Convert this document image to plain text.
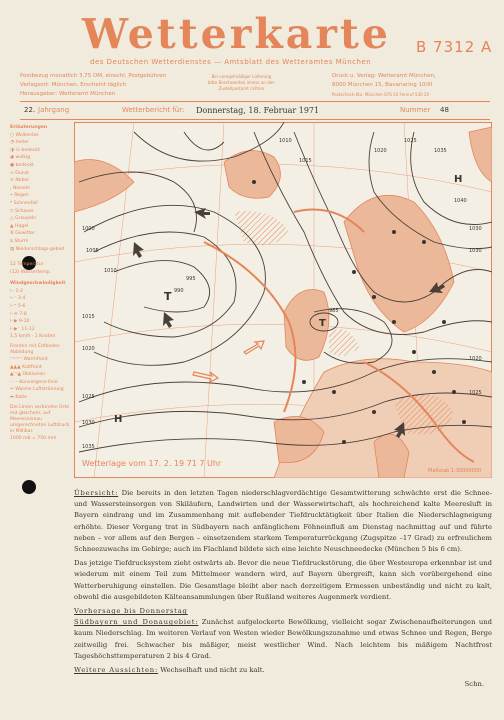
Wetterkarte B 7312 A
des Deutschen Wetterdienstes — Amtsblatt des Wetteramtes München
Postbezug monatlich 3,75 DM, einschl. Postgebühren
Verlagsort: München, Erscheint täglich
Herausgeber: Wetteramt München
Bei unregelmäßiger Lieferung
bitte Beschwerden immer an den
Zustellpostamt richten
Druck u. Verlag: Wetteramt München,
8000 München 15, Bavariaring 10/III
Postscheck-Kto. München 876 50 Fernruf 530 20
22. Jahrgang	Wetterbericht für: Donnerstag, 18. Februar 1971	Nummer 48
Erläuterungen
○ Wolkenlos
◔ heiter
◑ ½ bedeckt
◕ wolkig
● bedeckt
∞ Dunst
≡ Nebel
, Nieseln
• Regen
* Schneefall
▽ Schauer
△ Graupeln
▲ Hagel
ℜ Gewitter
$ Sturm
▨ Niederschlags-gebiet
12 Temperatur
(12) Wassertemp.
Windgeschwindigkeit
⊢ 1-2
⊢⁻ 3-4
⊢⁼ 5-6
⊢≡ 7-8
⊢▶ 9-10
⊢▶⁻ 11-12
1,5 km/h · 1 Knoten
Fronten mit Erdboden Abbildung
◠◠◠ Warmfront
▲▲▲ Kaltfront
▲◠▲ Okklusion
‑ ‑ ‑ Konvergenz-linie
⇨ Warme Luftströmung
➡ Kalte
Die Linien verbinden Orte mit gleichem, auf Meeresniveau umgerechneten Luftdruck in Millibar.
1000 mb = 750 mm
T
T
H
H
1000
1005
1010
1015
1020
1025
1030
1035
995
990
985
1010
1015
1020
1025
1030
1030
1035
1040
1020
1025
Wetterlage vom 17. 2. 19 71 7 Uhr
Maßstab 1:30000000

Übersicht: Die bereits in den letzten Tagen niederschlagverdächtige Gesamtwitterung schwächte erst die Schnee- und Wassersteinsorgen von Skiläufern, Landwirten und der Wasserwirtschaft, als hochreichend kalte Meeresluft in Bayern eindrang und im Zusammenhang mit auflebender Tiefdrucktätigkeit über Italien die Niederschlagneigung erhöhte. Dieser Vorgang trat in Südbayern nach anfänglichem Föhneinfluß am Dienstag nachmittag auf und führte neben – vor allem auf den Bergen – einsetzendem starkem Temperaturrückgang (Zugspitze –17 Grad) zu erfreulichem Schneezuwachs im Gebirge; auch im Flachland bildete sich eine leichte Neuschneedecke (München 5 bis 6 cm).

Das jetzige Tiefdrucksystem zieht ostwärts ab. Bevor die neue Tiefdruckstörung, die über Westeuropa erkennbar ist und wiederum mit einem Teil zum Mittelmeer wandern wird, auf Bayern übergreift, kann sich vorübergehend eine Wetterberuhigung einstellen. Die Gesamtlage bleibt aber nach derzeitigem Ermessen unbeständig und nicht zu kalt, obwohl die ausgebildeten Kälteansammlungen über Rußland weiteres Augenmerk verdient.

Vorhersage bis Donnerstag

Südbayern und Donaugebiet: Zunächst aufgelockerte Bewölkung, vielleicht sogar Zwischenaufheiterungen und kaum Niederschlag. Im weiteren Verlauf von Westen wieder Bewölkungszunahme und etwas Schnee und Regen, Berge zeitweilig frei. Schwacher bis mäßiger, meist westlicher Wind. Nach leichtem bis mäßigem Nachtfrost Tageshöchsttemperaturen 2 bis 4 Grad.

Weitere Aussichten: Wechselhaft und nicht zu kalt.

Schn.
